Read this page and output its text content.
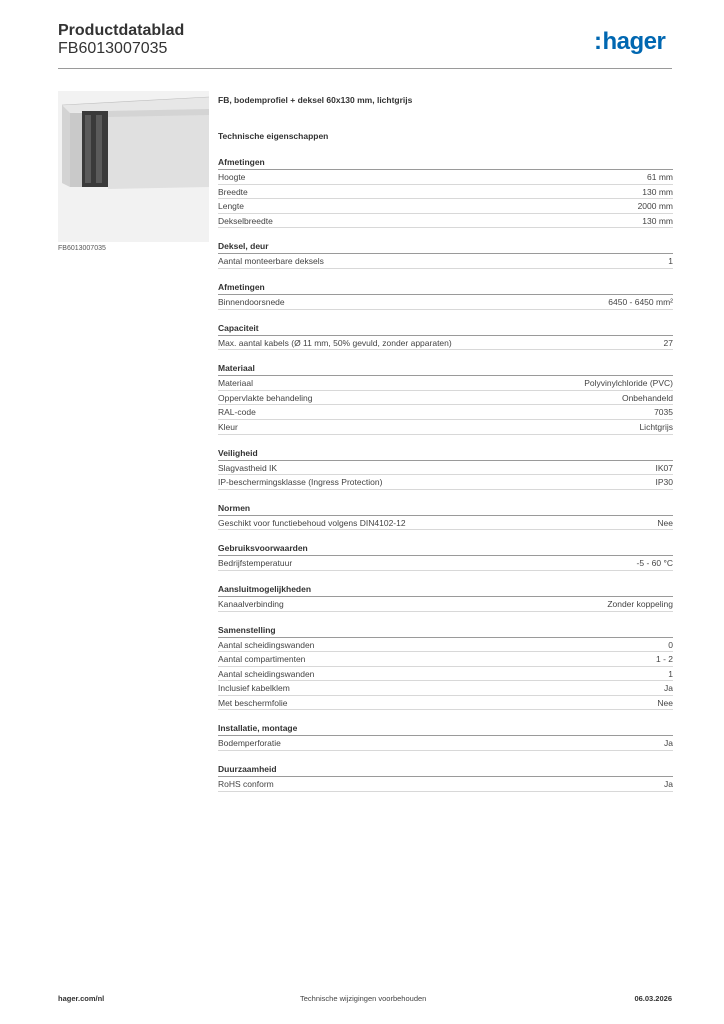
Productdatablad
FB6013007035	:hager
FB6013007035
FB, bodemprofiel + deksel 60x130 mm, lichtgrijs
Technische eigenschappen
Afmetingen
Hoogte	61 mm
Breedte	130 mm
Lengte	2000 mm
Dekselbreedte	130 mm
Deksel, deur
Aantal monteerbare deksels	1
Afmetingen
Binnendoorsnede	6450 - 6450 mm²
Capaciteit
Max. aantal kabels (Ø 11 mm, 50% gevuld, zonder apparaten)	27
Materiaal
Materiaal	Polyvinylchloride (PVC)
Oppervlakte behandeling	Onbehandeld
RAL-code	7035
Kleur	Lichtgrijs
Veiligheid
Slagvastheid IK	IK07
IP-beschermingsklasse (Ingress Protection)	IP30
Normen
Geschikt voor functiebehoud volgens DIN4102-12	Nee
Gebruiksvoorwaarden
Bedrijfstemperatuur	-5 - 60 °C
Aansluitmogelijkheden
Kanaalverbinding	Zonder koppeling
Samenstelling
Aantal scheidingswanden	0
Aantal compartimenten	1 - 2
Aantal scheidingswanden	1
Inclusief kabelklem	Ja
Met beschermfolie	Nee
Installatie, montage
Bodemperforatie	Ja
Duurzaamheid
RoHS conform	Ja
hager.com/nl	Technische wijzigingen voorbehouden	06.03.2026
